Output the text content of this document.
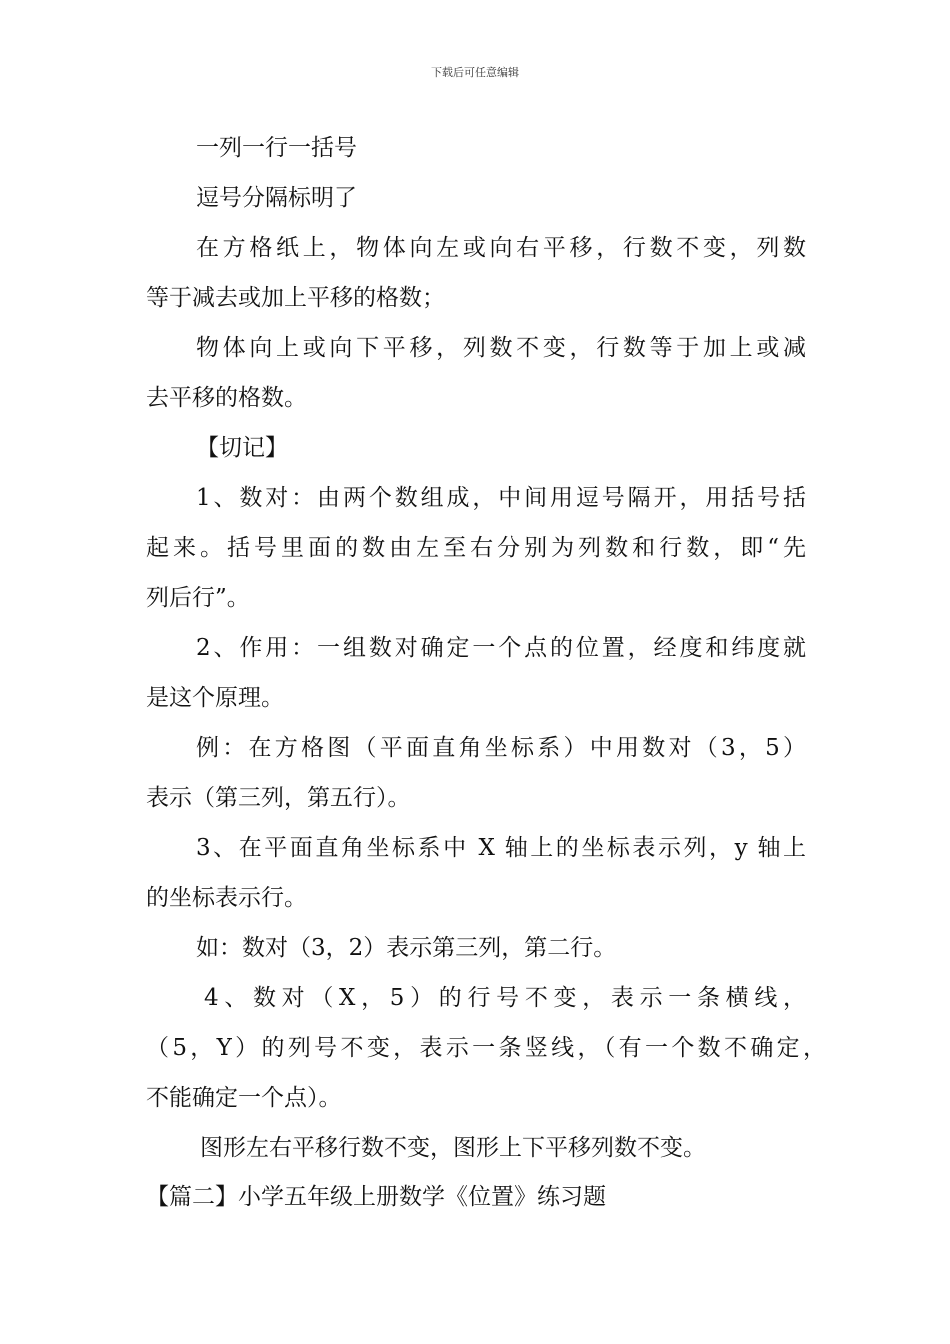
下载后可任意编辑
一列一行一括号
逗号分隔标明了
在方格纸上，物体向左或向右平移，行数不变，列数
等于减去或加上平移的格数；
物体向上或向下平移，列数不变，行数等于加上或减
去平移的格数。
【切记】
1、数对：由两个数组成，中间用逗号隔开，用括号括
起来。括号里面的数由左至右分别为列数和行数，即“先
列后行”。
2、作用：一组数对确定一个点的位置，经度和纬度就
是这个原理。
例：在方格图（平面直角坐标系）中用数对（3，5）
表示（第三列，第五行）。
3、在平面直角坐标系中 X 轴上的坐标表示列，y 轴上
的坐标表示行。
如：数对（3，2）表示第三列，第二行。
4、数对（X，5）的行号不变，表示一条横线，
（5，Y）的列号不变，表示一条竖线，（有一个数不确定，
不能确定一个点）。
图形左右平移行数不变，图形上下平移列数不变。
【篇二】小学五年级上册数学《位置》练习题
